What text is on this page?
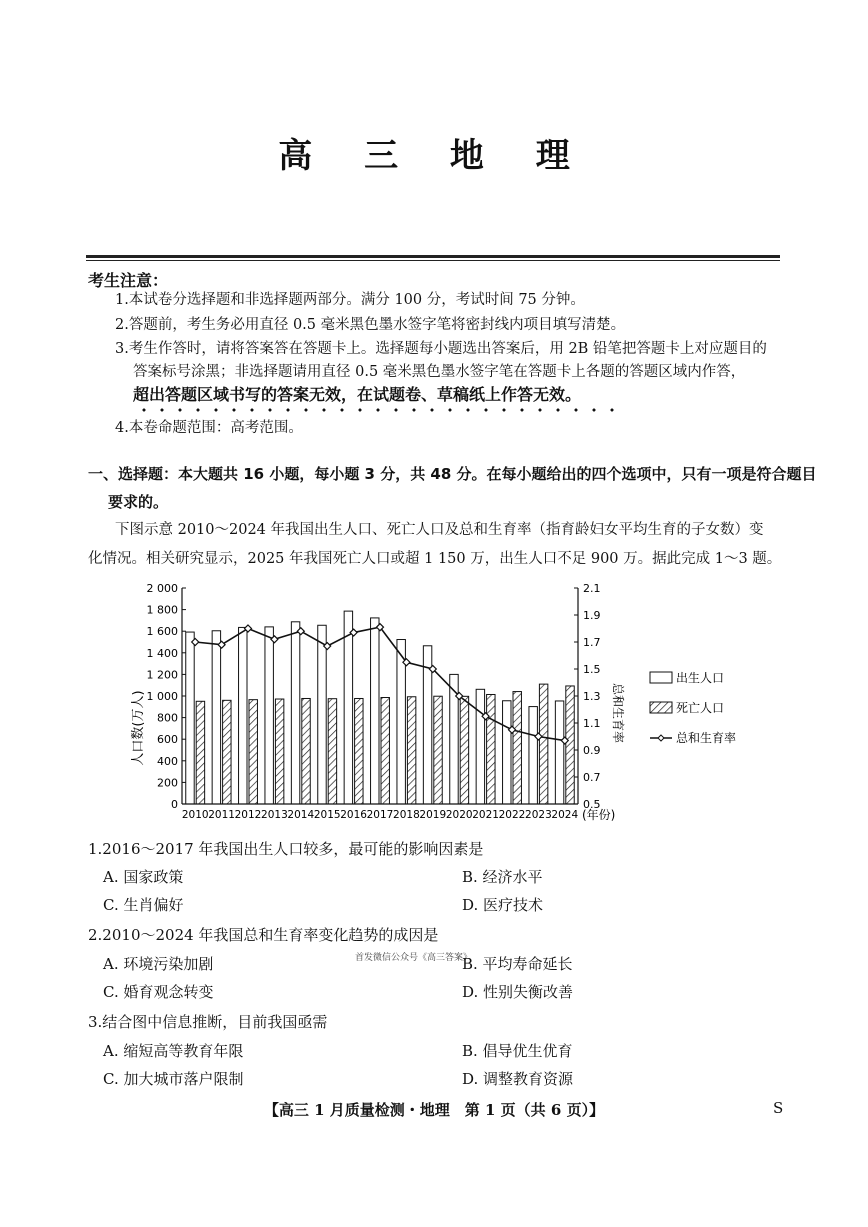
高 三 地 理
考生注意：
1.本试卷分选择题和非选择题两部分。满分 100 分，考试时间 75 分钟。
2.答题前，考生务必用直径 0.5 毫米黑色墨水签字笔将密封线内项目填写清楚。
3.考生作答时，请将答案答在答题卡上。选择题每小题选出答案后，用 2B 铅笔把答题卡上对应题目的
答案标号涂黑；非选择题请用直径 0.5 毫米黑色墨水签字笔在答题卡上各题的答题区域内作答，
超出答题区域书写的答案无效，在试题卷、草稿纸上作答无效。
4.本卷命题范围：高考范围。
一、选择题：本大题共 16 小题，每小题 3 分，共 48 分。在每小题给出的四个选项中，只有一项是符合题目
要求的。
下图示意 2010～2024 年我国出生人口、死亡人口及总和生育率（指育龄妇女平均生育的子女数）变
化情况。相关研究显示，2025 年我国死亡人口或超 1 150 万，出生人口不足 900 万。据此完成 1～3 题。
0
200
400
600
800
1 000
1 200
1 400
1 600
1 800
2 000
0.5
0.7
0.9
1.1
1.3
1.5
1.7
1.9
2.1
2010 2011 2012 2013 2014 2015 2016 2017 2018 2019 2020 2021 2022 2023 2024
人口数(万人)	总和生育率
(年份)
出生人口
死亡人口
总和生育率
1.2016～2017 年我国出生人口较多，最可能的影响因素是
A. 国家政策	B. 经济水平
C. 生肖偏好	D. 医疗技术
2.2010～2024 年我国总和生育率变化趋势的成因是
首发微信公众号《高三答案》
A. 环境污染加剧	B. 平均寿命延长
C. 婚育观念转变	D. 性别失衡改善
3.结合图中信息推断，目前我国亟需
A. 缩短高等教育年限	B. 倡导优生优育
C. 加大城市落户限制	D. 调整教育资源
【高三 1 月质量检测・地理　第 1 页（共 6 页）】	S
